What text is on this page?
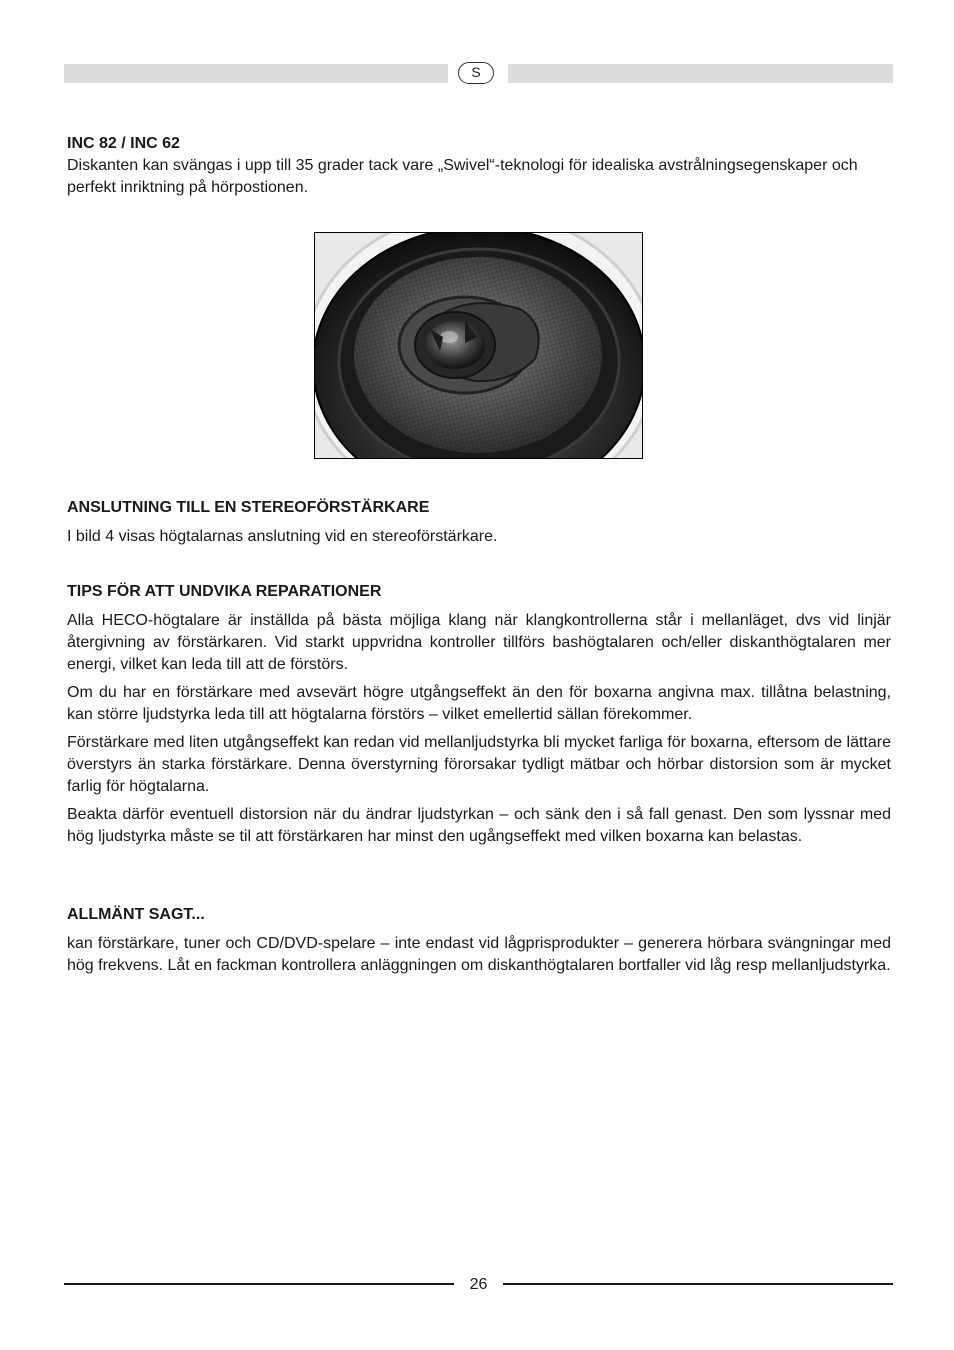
S
INC 82 / INC 62

Diskanten kan svängas i upp till 35 grader tack vare „Swivel“-teknologi för idealiska avstrålningsegenskaper och perfekt inriktning på hörpostionen.

ANSLUTNING TILL EN STEREOFÖRSTÄRKARE

I bild 4 visas högtalarnas anslutning vid en stereoförstärkare.

TIPS FÖR ATT UNDVIKA REPARATIONER

Alla HECO-högtalare är inställda på bästa möjliga klang när klangkontrollerna står i mellanläget, dvs vid linjär återgivning av förstärkaren. Vid starkt uppvridna kontroller tillförs bashögtalaren och/eller diskanthögtalaren mer energi, vilket kan leda till att de förstörs.

Om du har en förstärkare med avsevärt högre utgångseffekt än den för boxarna angivna max. tillåtna belastning, kan större ljudstyrka leda till att högtalarna förstörs – vilket emellertid sällan förekommer.

Förstärkare med liten utgångseffekt kan redan vid mellanljudstyrka bli mycket farliga för boxarna, eftersom de lättare överstyrs än starka förstärkare. Denna överstyrning förorsakar tydligt mätbar och hörbar distorsion som är mycket farlig för högtalarna.

Beakta därför eventuell distorsion när du ändrar ljudstyrkan – och sänk den i så fall genast. Den som lyssnar med hög ljudstyrka måste se til att förstärkaren har minst den ugångseffekt med vilken boxarna kan belastas.

ALLMÄNT SAGT...

kan förstärkare, tuner och CD/DVD-spelare – inte endast vid lågprisprodukter – generera hörbara svängningar med hög frekvens. Låt en fackman kontrollera anläggningen om diskanthögtalaren bortfaller vid låg resp mellanljudstyrka.

26
